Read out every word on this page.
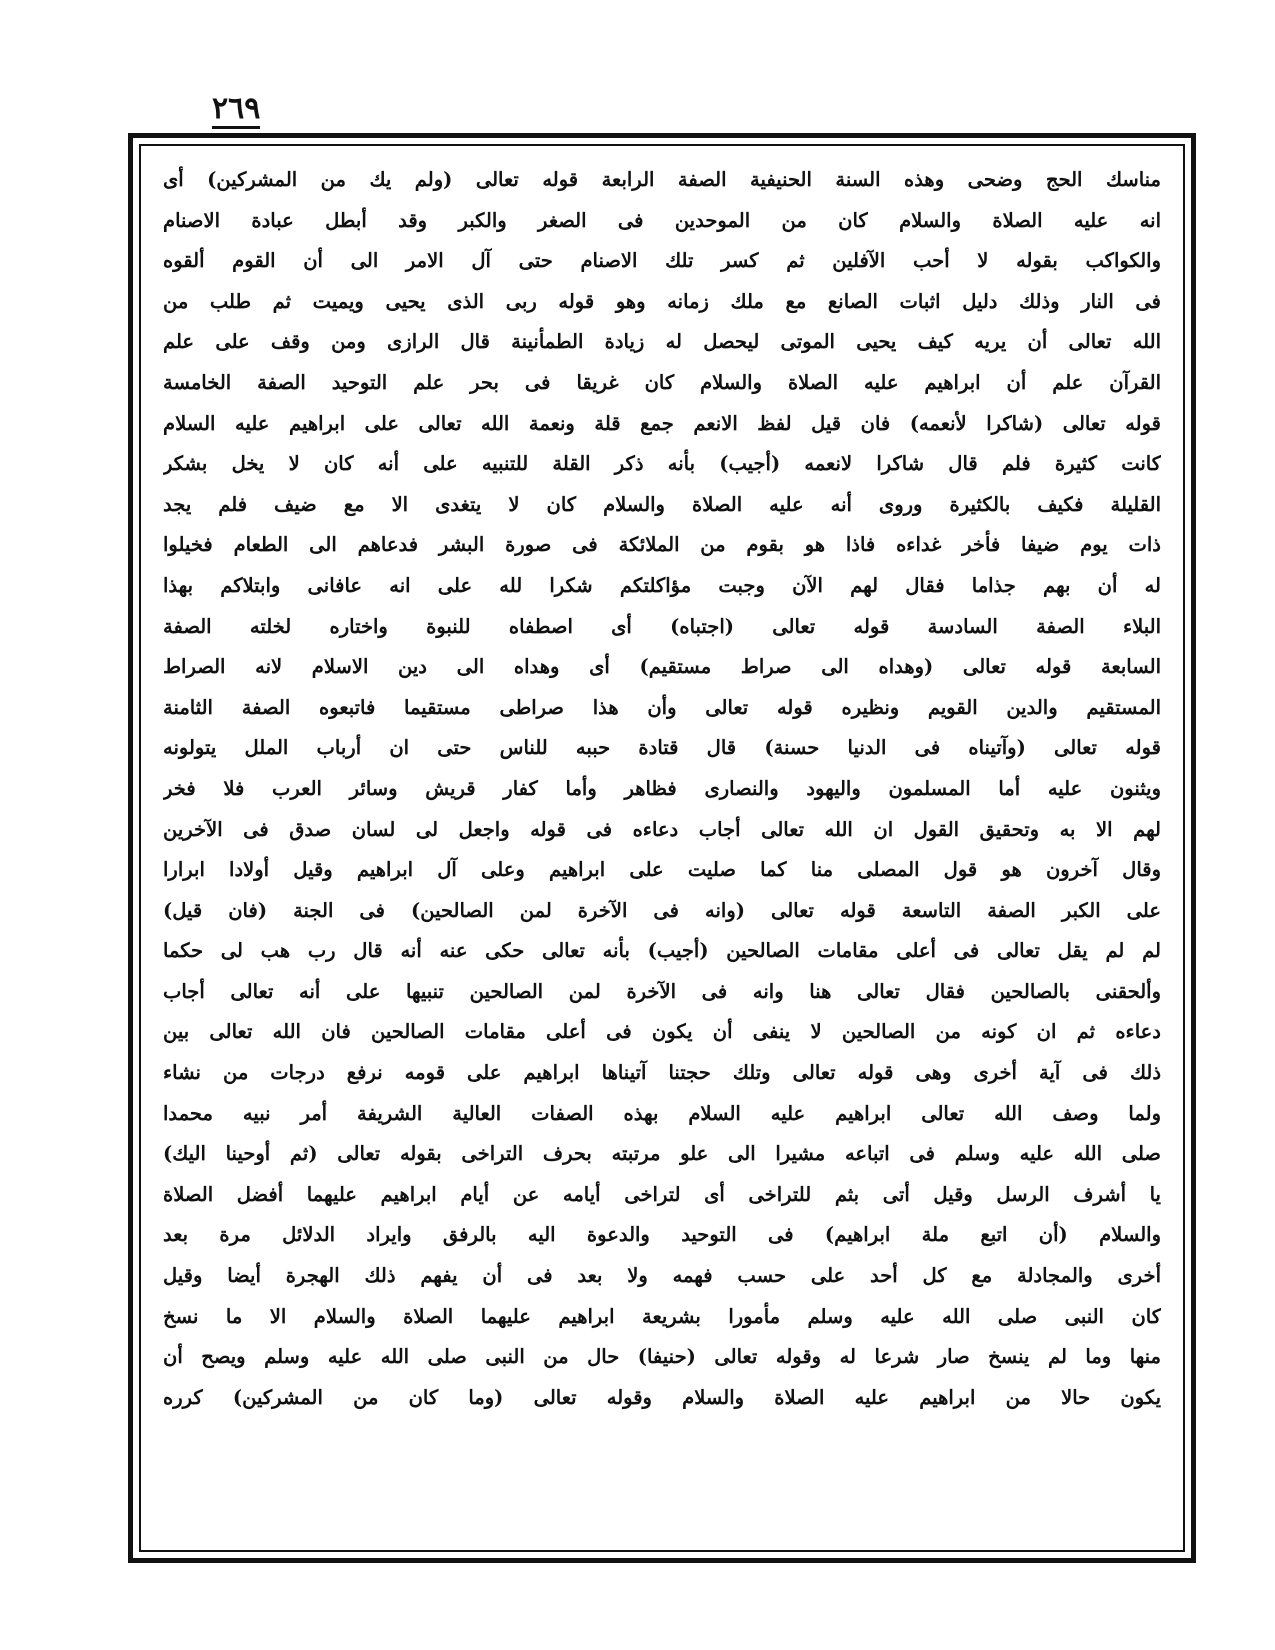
٢٦٩
مناسك الحج وضحى وهذه السنة الحنيفية الصفة الرابعة قوله تعالى (ولم يك من المشركين) أى
انه عليه الصلاة والسلام كان من الموحدين فى الصغر والكبر وقد أبطل عبادة الاصنام
والكواكب بقوله لا أحب الآفلين ثم كسر تلك الاصنام حتى آل الامر الى أن القوم ألقوه
فى النار وذلك دليل اثبات الصانع مع ملك زمانه وهو قوله ربى الذى يحيى ويميت ثم طلب من
الله تعالى أن يريه كيف يحيى الموتى ليحصل له زيادة الطمأنينة قال الرازى ومن وقف على علم
القرآن علم أن ابراهيم عليه الصلاة والسلام كان غريقا فى بحر علم التوحيد الصفة الخامسة
قوله تعالى (شاكرا لأنعمه) فان قيل لفظ الانعم جمع قلة ونعمة الله تعالى على ابراهيم عليه السلام
كانت كثيرة فلم قال شاكرا لانعمه (أجيب) بأنه ذكر القلة للتنبيه على أنه كان لا يخل بشكر
القليلة فكيف بالكثيرة وروى أنه عليه الصلاة والسلام كان لا يتغدى الا مع ضيف فلم يجد
ذات يوم ضيفا فأخر غداءه فاذا هو بقوم من الملائكة فى صورة البشر فدعاهم الى الطعام فخيلوا
له أن بهم جذاما فقال لهم الآن وجبت مؤاكلتكم شكرا لله على انه عافانى وابتلاكم بهذا
البلاء الصفة السادسة قوله تعالى (اجتباه) أى اصطفاه للنبوة واختاره لخلته الصفة
السابعة قوله تعالى (وهداه الى صراط مستقيم) أى وهداه الى دين الاسلام لانه الصراط
المستقيم والدين القويم ونظيره قوله تعالى وأن هذا صراطى مستقيما فاتبعوه الصفة الثامنة
قوله تعالى (وآتيناه فى الدنيا حسنة) قال قتادة حببه للناس حتى ان أرباب الملل يتولونه
ويثنون عليه أما المسلمون واليهود والنصارى فظاهر وأما كفار قريش وسائر العرب فلا فخر
لهم الا به وتحقيق القول ان الله تعالى أجاب دعاءه فى قوله واجعل لى لسان صدق فى الآخرين
وقال آخرون هو قول المصلى منا كما صليت على ابراهيم وعلى آل ابراهيم وقيل أولادا ابرارا
على الكبر الصفة التاسعة قوله تعالى (وانه فى الآخرة لمن الصالحين) فى الجنة (فان قيل)
لم لم يقل تعالى فى أعلى مقامات الصالحين (أجيب) بأنه تعالى حكى عنه أنه قال رب هب لى حكما
وألحقنى بالصالحين فقال تعالى هنا وانه فى الآخرة لمن الصالحين تنبيها على أنه تعالى أجاب
دعاءه ثم ان كونه من الصالحين لا ينفى أن يكون فى أعلى مقامات الصالحين فان الله تعالى بين
ذلك فى آية أخرى وهى قوله تعالى وتلك حجتنا آتيناها ابراهيم على قومه نرفع درجات من نشاء
ولما وصف الله تعالى ابراهيم عليه السلام بهذه الصفات العالية الشريفة أمر نبيه محمدا
صلى الله عليه وسلم فى اتباعه مشيرا الى علو مرتبته بحرف التراخى بقوله تعالى (ثم أوحينا اليك)
يا أشرف الرسل وقيل أتى بثم للتراخى أى لتراخى أيامه عن أيام ابراهيم عليهما أفضل الصلاة
والسلام (أن اتبع ملة ابراهيم) فى التوحيد والدعوة اليه بالرفق وايراد الدلائل مرة بعد
أخرى والمجادلة مع كل أحد على حسب فهمه ولا بعد فى أن يفهم ذلك الهجرة أيضا وقيل
كان النبى صلى الله عليه وسلم مأمورا بشريعة ابراهيم عليهما الصلاة والسلام الا ما نسخ
منها وما لم ينسخ صار شرعا له وقوله تعالى (حنيفا) حال من النبى صلى الله عليه وسلم ويصح أن
يكون حالا من ابراهيم عليه الصلاة والسلام وقوله تعالى (وما كان من المشركين) كرره
